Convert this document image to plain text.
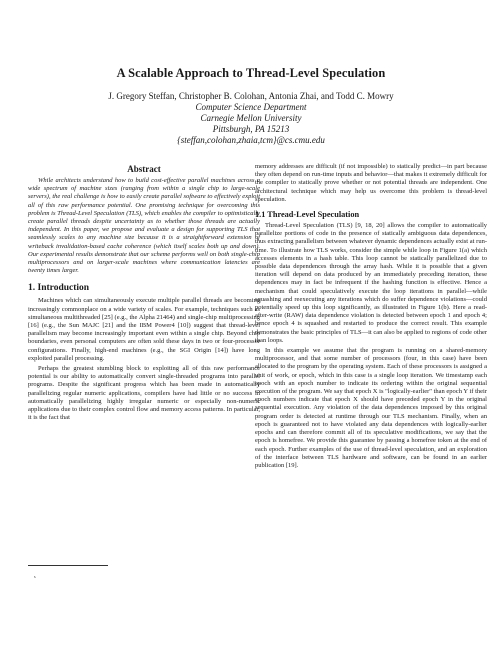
A Scalable Approach to Thread-Level Speculation

J. Gregory Steffan, Christopher B. Colohan, Antonia Zhai, and Todd C. Mowry

Computer Science Department

Carnegie Mellon University

Pittsburgh, PA 15213

{steffan,colohan,zhaia,tcm}@cs.cmu.edu

Abstract

While architects understand how to build cost-effective parallel machines across a wide spectrum of machine sizes (ranging from within a single chip to large-scale servers), the real challenge is how to easily create parallel software to effectively exploit all of this raw performance potential. One promising technique for overcoming this problem is Thread-Level Speculation (TLS), which enables the compiler to optimistically create parallel threads despite uncertainty as to whether those threads are actually independent. In this paper, we propose and evaluate a design for supporting TLS that seamlessly scales to any machine size because it is a straightforward extension of writeback invalidation-based cache coherence (which itself scales both up and down). Our experimental results demonstrate that our scheme performs well on both single-chip multiprocessors and on larger-scale machines where communication latencies are twenty times larger.

1. Introduction

Machines which can simultaneously execute multiple parallel threads are becoming increasingly commonplace on a wide variety of scales. For example, techniques such as simultaneous multithreaded [25] (e.g., the Alpha 21464) and single-chip multiprocessing [16] (e.g., the Sun MAJC [21] and the IBM Power4 [10]) suggest that thread-level parallelism may become increasingly important even within a single chip. Beyond chip boundaries, even personal computers are often sold these days in two or four-processor configurations. Finally, high-end machines (e.g., the SGI Origin [14]) have long exploited parallel processing.

Perhaps the greatest stumbling block to exploiting all of this raw performance potential is our ability to automatically convert single-threaded programs into parallel programs. Despite the significant progress which has been made in automatically parallelizing regular numeric applications, compilers have had little or no success in automatically parallelizing highly irregular numeric or especially non-numeric applications due to their complex control flow and memory access patterns. In particular, it is the fact that

memory addresses are difficult (if not impossible) to statically predict—in part because they often depend on run-time inputs and behavior—that makes it extremely difficult for the compiler to statically prove whether or not potential threads are independent. One architectural technique which may help us overcome this problem is thread-level speculation.

1.1 Thread-Level Speculation

Thread-Level Speculation (TLS) [9, 18, 20] allows the compiler to automatically parallelize portions of code in the presence of statically ambiguous data dependences, thus extracting parallelism between whatever dynamic dependences actually exist at run-time. To illustrate how TLS works, consider the simple while loop in Figure 1(a) which accesses elements in a hash table. This loop cannot be statically parallelized due to possible data dependences through the array hash. While it is possible that a given iteration will depend on data produced by an immediately preceding iteration, these dependences may in fact be infrequent if the hashing function is effective. Hence a mechanism that could speculatively execute the loop iterations in parallel—while squashing and reexecuting any iterations which do suffer dependence violations—could potentially speed up this loop significantly, as illustrated in Figure 1(b). Here a read-after-write (RAW) data dependence violation is detected between epoch 1 and epoch 4; hence epoch 4 is squashed and restarted to produce the correct result. This example demonstrates the basic principles of TLS—it can also be applied to regions of code other than loops.

In this example we assume that the program is running on a shared-memory multiprocessor, and that some number of processors (four, in this case) have been allocated to the program by the operating system. Each of these processors is assigned a unit of work, or epoch, which in this case is a single loop iteration. We timestamp each epoch with an epoch number to indicate its ordering within the original sequential execution of the program. We say that epoch X is "logically-earlier" than epoch Y if their epoch numbers indicate that epoch X should have preceded epoch Y in the original sequential execution. Any violation of the data dependences imposed by this original program order is detected at runtime through our TLS mechanism. Finally, when an epoch is guaranteed not to have violated any data dependences with logically-earlier epochs and can therefore commit all of its speculative modifications, we say that the epoch is homefree. We provide this guarantee by passing a homefree token at the end of each epoch. Further examples of the use of thread-level speculation, and an exploration of the interface between TLS hardware and software, can be found in an earlier publication [19].

s
